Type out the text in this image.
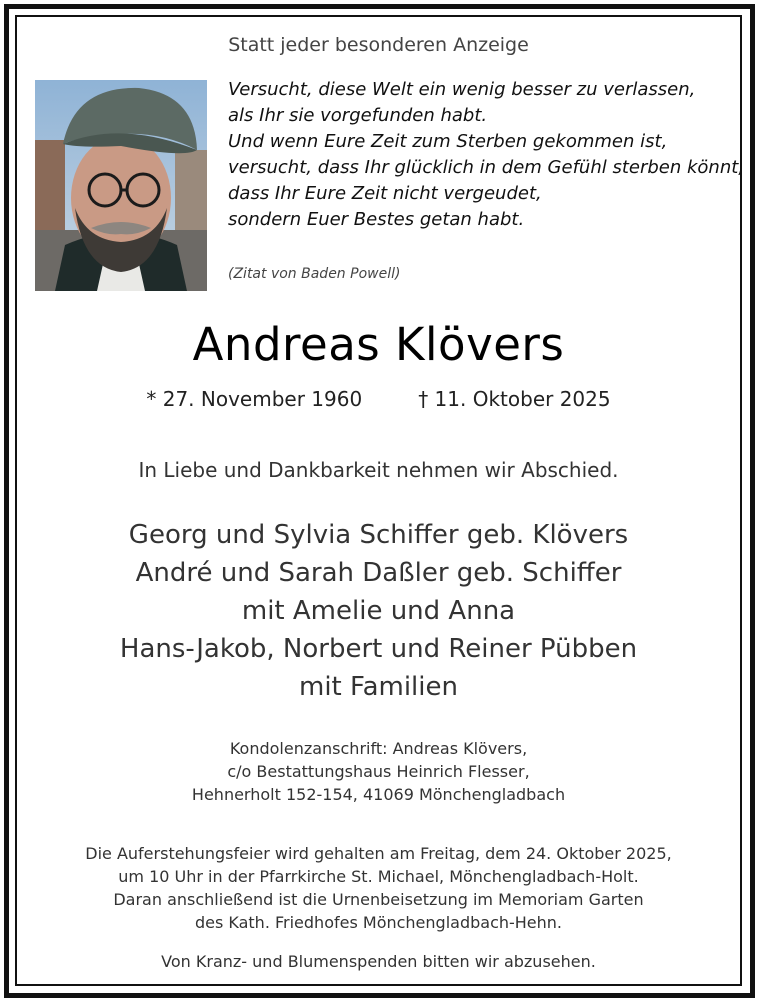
Statt jeder besonderen Anzeige
Versucht, diese Welt ein wenig besser zu verlassen,
als Ihr sie vorgefunden habt.
Und wenn Eure Zeit zum Sterben gekommen ist,
versucht, dass Ihr glücklich in dem Gefühl sterben könnt,
dass Ihr Eure Zeit nicht vergeudet,
sondern Euer Bestes getan habt.
(Zitat von Baden Powell)
Andreas Klövers
* 27. November 1960	† 11. Oktober 2025
In Liebe und Dankbarkeit nehmen wir Abschied.
Georg und Sylvia Schiffer geb. Klövers
André und Sarah Daßler geb. Schiffer
mit Amelie und Anna
Hans-Jakob, Norbert und Reiner Pübben
mit Familien
Kondolenzanschrift: Andreas Klövers,
c/o Bestattungshaus Heinrich Flesser,
Hehnerholt 152-154, 41069 Mönchengladbach
Die Auferstehungsfeier wird gehalten am Freitag, dem 24. Oktober 2025,
um 10 Uhr in der Pfarrkirche St. Michael, Mönchengladbach-Holt.
Daran anschließend ist die Urnenbeisetzung im Memoriam Garten
des Kath. Friedhofes Mönchengladbach-Hehn.
Von Kranz- und Blumenspenden bitten wir abzusehen.
